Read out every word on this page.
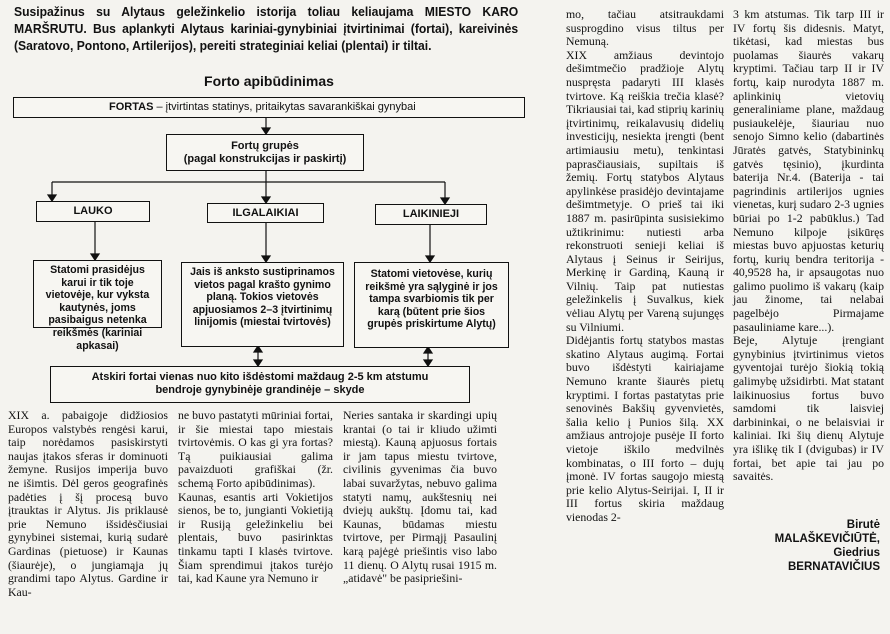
Susipažinus su Alytaus geležinkelio istorija toliau keliaujama MIESTO KARO MARŠRUTU. Bus aplankyti Alytaus kariniai-gynybiniai įtvirtinimai (fortai), kareivinės (Saratovo, Pontono, Artilerijos), pereiti strateginiai keliai (plentai) ir tiltai.
Forto apibūdinimas
FORTAS – įtvirtintas statinys, pritaikytas savarankiškai gynybai
Fortų grupės
(pagal konstrukcijas ir paskirtį)
LAUKO	ILGALAIKIAI	LAIKINIEJI
Statomi prasidėjus karui ir tik toje vietovėje, kur vyksta kautynės, joms pasibaigus netenka reikšmės (kariniai apkasai)
Jais iš anksto sustiprinamos vietos pagal krašto gynimo planą. Tokios vietovės apjuosiamos 2–3 įtvirtinimų linijomis (miestai tvirtovės)
Statomi vietovėse, kurių reikšmė yra sąlyginė ir jos tampa svarbiomis tik per karą (būtent prie šios grupės priskirtume Alytų)
Atskiri fortai vienas nuo kito išdėstomi maždaug 2-5 km atstumu
bendroje gynybinėje grandinėje – skyde
XIX a. pabaigoje didžiosios Europos valstybės rengėsi karui, taip norėdamos pasiskirstyti naujas įtakos sferas ir dominuoti žemyne. Rusijos imperija buvo ne išimtis. Dėl geros geografinės padėties į šį procesą buvo įtrauktas ir Alytus. Jis priklausė prie Nemuno išsidėsčiusiai gynybinei sistemai, kurią sudarė Gardinas (pietuose) ir Kaunas (šiaurėje), o jungiamąja jų grandimi tapo Alytus. Gardine ir Kau-
ne buvo pastatyti mūriniai fortai, ir šie miestai tapo miestais tvirtovėmis. O kas gi yra fortas? Tą puikiausiai galima pavaizduoti grafiškai (žr. schemą Forto apibūdinimas).
Kaunas, esantis arti Vokietijos sienos, be to, jungianti Vokietiją ir Rusiją geležinkeliu bei plentais, buvo pasirinktas tinkamu tapti I klasės tvirtove. Šiam sprendimui įtakos turėjo tai, kad Kaune yra Nemuno ir
Neries santaka ir skardingi upių krantai (o tai ir kliudo užimti miestą). Kauną apjuosus fortais ir jam tapus miestu tvirtove, civilinis gyvenimas čia buvo labai suvaržytas, nebuvo galima statyti namų, aukštesnių nei dviejų aukštų. Įdomu tai, kad Kaunas, būdamas miestu tvirtove, per Pirmąjį Pasaulinį karą pajėgė priešintis viso labo 11 dienų. O Alytų rusai 1915 m. „atidavė" be pasipriešini-
mo, tačiau atsitraukdami susprogdino visus tiltus per Nemuną.
XIX amžiaus devintojo dešimtmečio pradžioje Alytų nuspręsta padaryti III klasės tvirtove. Ką reiškia trečia klasė? Tikriausiai tai, kad stiprių karinių įtvirtinimų, reikalavusių didelių investicijų, nesiekta įrengti (bent artimiausiu metu), tenkintasi paprasčiausiais, supiltais iš žemių. Fortų statybos Alytaus apylinkėse prasidėjo devintajame dešimtmetyje. O prieš tai iki 1887 m. pasirūpinta susisiekimo užtikrinimu: nutiesti arba rekonstruoti senieji keliai iš Alytaus į Seinus ir Seirijus, Merkinę ir Gardiną, Kauną ir Vilnių. Taip pat nutiestas geležinkelis į Suvalkus, kiek vėliau Alytų per Vareną sujungęs su Vilniumi.
Didėjantis fortų statybos mastas skatino Alytaus augimą. Fortai buvo išdėstyti kairiajame Nemuno krante šiaurės pietų kryptimi. I fortas pastatytas prie senovinės Bakšių gyvenvietės, šalia kelio į Punios šilą. XX amžiaus antrojoje pusėje II forto vietoje iškilo medvilnės kombinatas, o III forto – dujų įmonė. IV fortas saugojo miestą prie kelio Alytus-Seirijai. I, II ir III fortus skiria maždaug vienodas 2-
3 km atstumas. Tik tarp III ir IV fortų šis didesnis. Matyt, tikėtasi, kad miestas bus puolamas šiaurės vakarų kryptimi. Tačiau tarp II ir IV fortų, kaip nurodyta 1887 m. aplinkinių vietovių generaliniame plane, maždaug pusiaukelėje, šiauriau nuo senojo Simno kelio (dabartinės Jūratės gatvės, Statybininkų gatvės tęsinio), įkurdinta baterija Nr.4. (Baterija - tai pagrindinis artilerijos ugnies vienetas, kurį sudaro 2-3 ugnies būriai po 1-2 pabūklus.) Tad Nemuno kilpoje įsikūręs miestas buvo apjuostas keturių fortų, kurių bendra teritorija - 40,9528 ha, ir apsaugotas nuo galimo puolimo iš vakarų (kaip jau žinome, tai nelabai pagelbėjo Pirmajame pasauliniame kare...).
Beje, Alytuje įrengiant gynybinius įtvirtinimus vietos gyventojai turėjo šiokią tokią galimybę užsidirbti. Mat statant laikinuosius fortus buvo samdomi tik laisviej darbininkai, o ne belaisviai ir kaliniai. Iki šių dienų Alytuje yra išlikę tik I (dvigubas) ir IV fortai, bet apie tai jau po savaitės.
Birutė
MALAŠKEVIČIŪTĖ,
Giedrius
BERNATAVIČIUS
